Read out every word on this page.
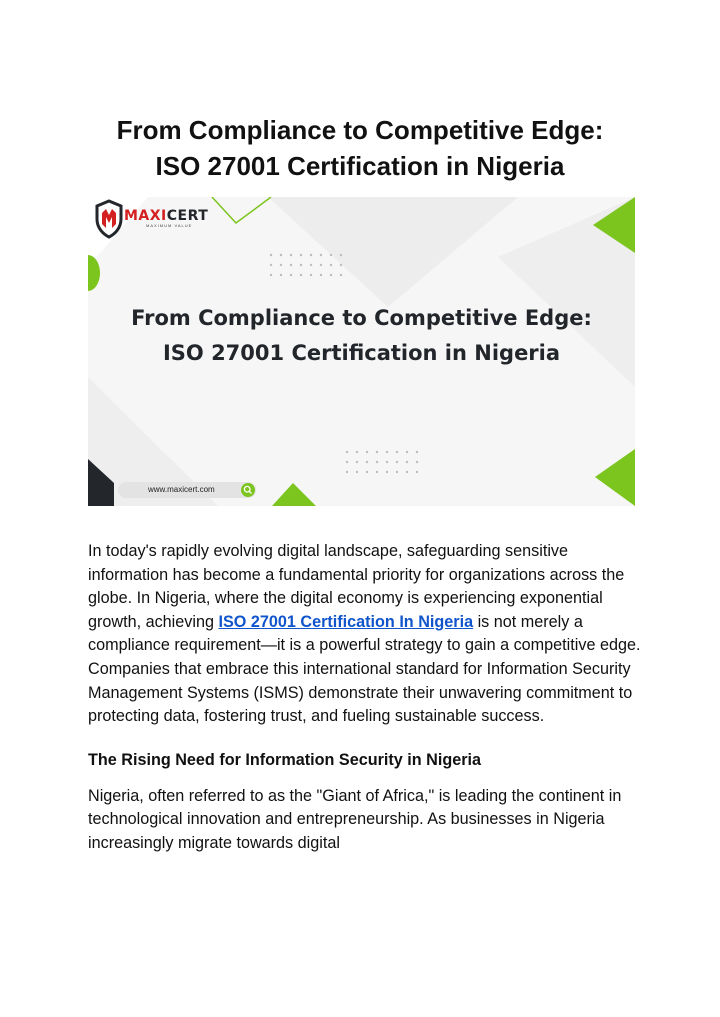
From Compliance to Competitive Edge:
ISO 27001 Certification in Nigeria
MAXICERT
MAXIMUM VALUE
From Compliance to Competitive Edge:
ISO 27001 Certification in Nigeria
www.maxicert.com

In today's rapidly evolving digital landscape, safeguarding sensitive information has become a fundamental priority for organizations across the globe. In Nigeria, where the digital economy is experiencing exponential growth, achieving ISO 27001 Certification In Nigeria is not merely a compliance requirement—it is a powerful strategy to gain a competitive edge. Companies that embrace this international standard for Information Security Management Systems (ISMS) demonstrate their unwavering commitment to protecting data, fostering trust, and fueling sustainable success.

The Rising Need for Information Security in Nigeria

Nigeria, often referred to as the "Giant of Africa," is leading the continent in technological innovation and entrepreneurship. As businesses in Nigeria increasingly migrate towards digital
